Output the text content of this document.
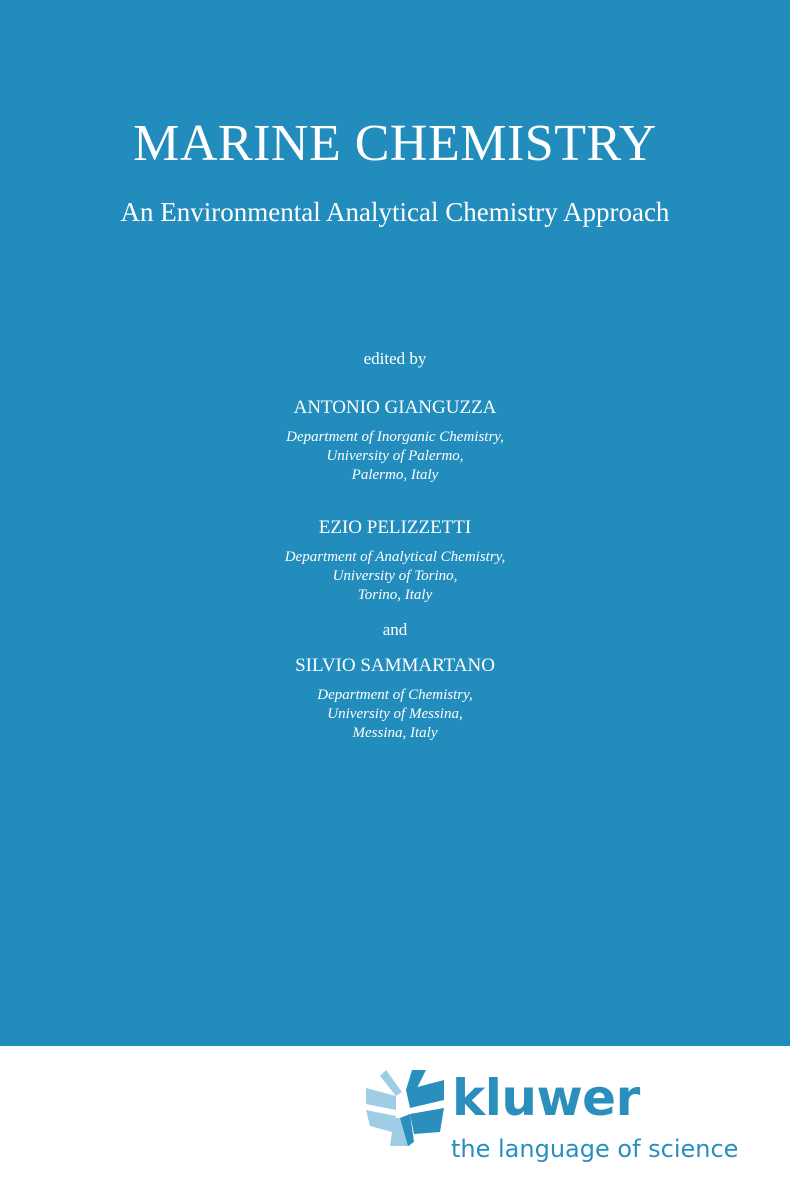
MARINE CHEMISTRY
An Environmental Analytical Chemistry Approach
edited by
ANTONIO GIANGUZZA
Department of Inorganic Chemistry,
University of Palermo,
Palermo, Italy
EZIO PELIZZETTI
Department of Analytical Chemistry,
University of Torino,
Torino, Italy
and
SILVIO SAMMARTANO
Department of Chemistry,
University of Messina,
Messina, Italy
kluwer
the language of science
